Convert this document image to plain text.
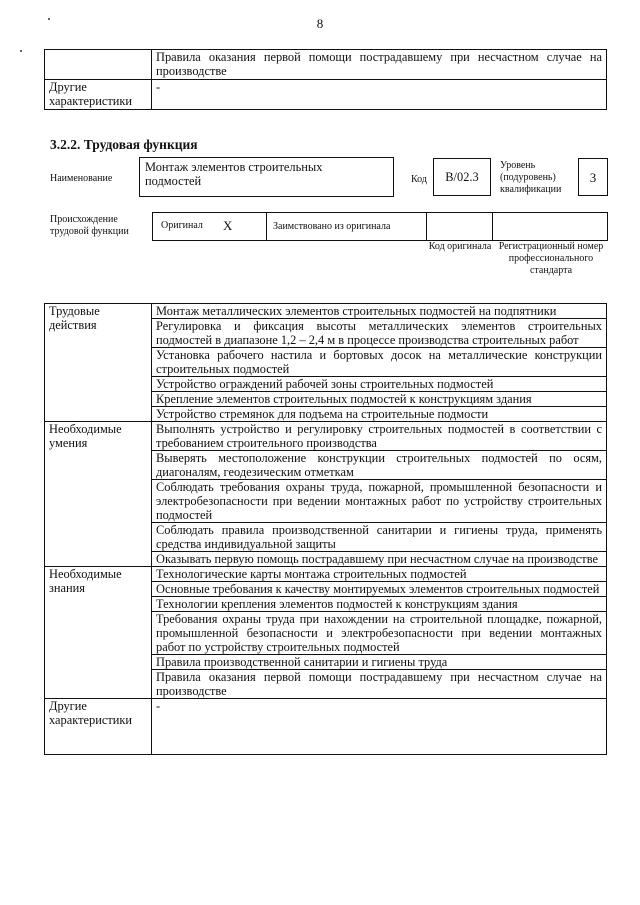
8
	Правила оказания первой помощи пострадавшему при несчастном случае на производстве
Другие характеристики	-
3.2.2. Трудовая функция
Наименование
Монтаж элементов строительных подмостей	Код	B/02.3
Уровень (подуровень) квалификации
3
Происхождение трудовой функции
Оригинал X	Заимствовано из оригинала
Код оригинала Регистрационный номер профессионального стандарта
Трудовые действия	Монтаж металлических элементов строительных подмостей на подпятники
	Регулировка и фиксация высоты металлических элементов строительных подмостей в диапазоне 1,2 – 2,4 м в процессе производства строительных работ
	Установка рабочего настила и бортовых досок на металлические конструкции строительных подмостей
	Устройство ограждений рабочей зоны строительных подмостей
	Крепление элементов строительных подмостей к конструкциям здания
	Устройство стремянок для подъема на строительные подмости
Необходимые умения	Выполнять устройство и регулировку строительных подмостей в соответствии с требованием строительного производства
	Выверять местоположение конструкции строительных подмостей по осям, диагоналям, геодезическим отметкам
	Соблюдать требования охраны труда, пожарной, промышленной безопасности и электробезопасности при ведении монтажных работ по устройству строительных подмостей
	Соблюдать правила производственной санитарии и гигиены труда, применять средства индивидуальной защиты
	Оказывать первую помощь пострадавшему при несчастном случае на производстве
Необходимые знания	Технологические карты монтажа строительных подмостей
	Основные требования к качеству монтируемых элементов строительных подмостей
	Технологии крепления элементов подмостей к конструкциям здания
	Требования охраны труда при нахождении на строительной площадке, пожарной, промышленной безопасности и электробезопасности при ведении монтажных работ по устройству строительных подмостей
	Правила производственной санитарии и гигиены труда
	Правила оказания первой помощи пострадавшему при несчастном случае на производстве
Другие характеристики	-
